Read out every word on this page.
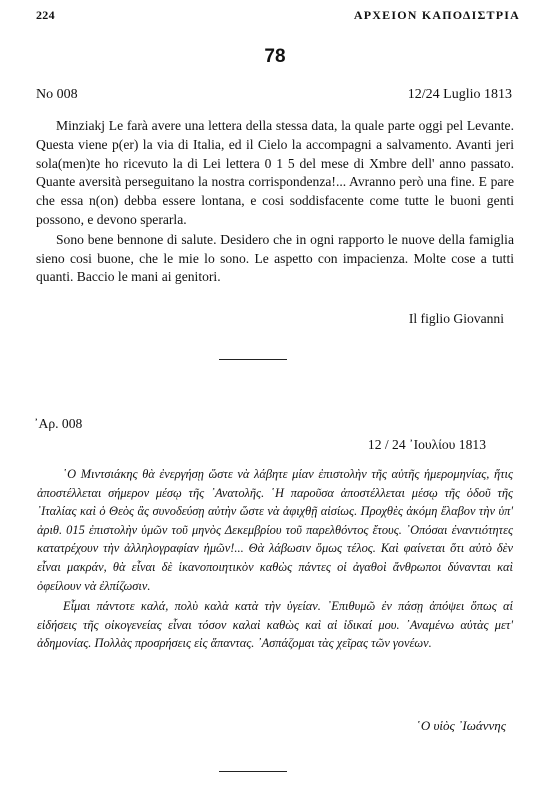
224	ΑΡΧΕΙΟΝ ΚΑΠΟΔΙΣΤΡΙΑ
78
No 008	12/24 Luglio 1813

Minziakj Le farà avere una lettera della stessa data, la quale parte oggi pel Levante. Questa viene p(er) la via di Italia, ed il Cielo la accompagni a salvamento. Avanti jeri sola(men)te ho ricevuto la di Lei lettera 0 1 5 del mese di Xmbre dell' anno passato. Quante aversità perseguitano la nostra corrispondenza!... Avranno però una fine. E pare che essa n(on) debba essere lontana, e cosi soddisfacente come tutte le buoni genti possono, e devono sperarla.

Sono bene bennone di salute. Desidero che in ogni rapporto le nuove della famiglia sieno cosi buone, che le mie lo sono. Le aspetto con impacienza. Molte cose a tutti quanti. Baccio le mani ai genitori.

Il figlio Giovanni
᾿Αρ. 008
12 / 24 ᾿Ιουλίου 1813

῾Ο Μιντσιάκης θὰ ἐνεργήσῃ ὥστε νὰ λάβητε μίαν ἐπιστολὴν τῆς αὐτῆς ἡμερομηνίας, ἥτις ἀποστέλλεται σήμερον μέσῳ τῆς ᾿Ανατολῆς. ῾Η παροῦσα ἀποστέλλεται μέσῳ τῆς ὁδοῦ τῆς ᾿Ιταλίας καὶ ὁ Θεὸς ἂς συνοδεύσῃ αὐτὴν ὥστε νὰ ἀφιχθῇ αἰσίως. Προχθὲς ἀκόμη ἔλαβον τὴν ὑπ' ἀριθ. 015 ἐπιστολὴν ὑμῶν τοῦ μηνὸς Δεκεμβρίου τοῦ παρελθόντος ἔτους. ᾿Οπόσαι ἐναντιότητες κατατρέχουν τὴν ἀλληλογραφίαν ἡμῶν!... Θὰ λάβωσιν ὅμως τέλος. Καὶ φαίνεται ὅτι αὐτὸ δὲν εἶναι μακράν, θὰ εἶναι δὲ ἱκανοποιητικὸν καθὼς πάντες οἱ ἀγαθοὶ ἄνθρωποι δύνανται καὶ ὀφείλουν νὰ ἐλπίζωσιν.

Εἶμαι πάντοτε καλά, πολὺ καλὰ κατὰ τὴν ὑγείαν. ᾿Επιθυμῶ ἐν πάσῃ ἀπόψει ὅπως αἱ εἰδήσεις τῆς οἰκογενείας εἶναι τόσον καλαὶ καθὼς καὶ αἱ ἰδικαί μου. ᾿Αναμένω αὐτὰς μετ' ἀδημονίας. Πολλὰς προσρήσεις εἰς ἅπαντας. ᾿Ασπάζομαι τὰς χεῖρας τῶν γονέων.

῾Ο υἱὸς ᾿Ιωάννης
